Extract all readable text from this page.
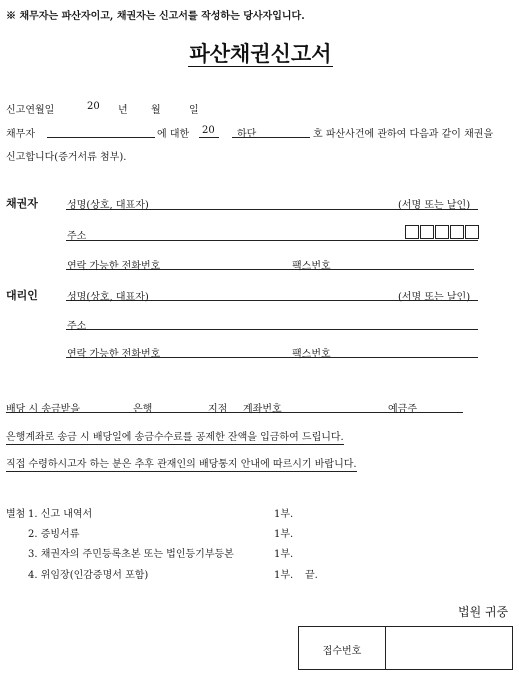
※ 채무자는 파산자이고, 채권자는 신고서를 작성하는 당사자입니다.
파산채권신고서
신고연월일	20 년 월	일
채무자	에 대한 20 하단	호 파산사건에 관하여 다음과 같이 채권을
신고합니다(증거서류 첨부).
채권자	성명(상호, 대표자)	(서명 또는 날인)
주소
연락 가능한 전화번호	팩스번호
대리인	성명(상호, 대표자)	(서명 또는 날인)
주소
연락 가능한 전화번호	팩스번호
배당 시 송금받을	은행	지점 계좌번호	예금주
은행계좌로 송금 시 배당일에 송금수수료를 공제한 잔액을 입금하여 드립니다.
직접 수령하시고자 하는 분은 추후 관재인의 배당통지 안내에 따르시기 바랍니다.
별첨 1. 신고 내역서	1부.
2. 증빙서류	1부.
3. 채권자의 주민등록초본 또는 법인등기부등본	1부.
4. 위임장(인감증명서 포함)	1부. 끝.
법원 귀중
접수번호
